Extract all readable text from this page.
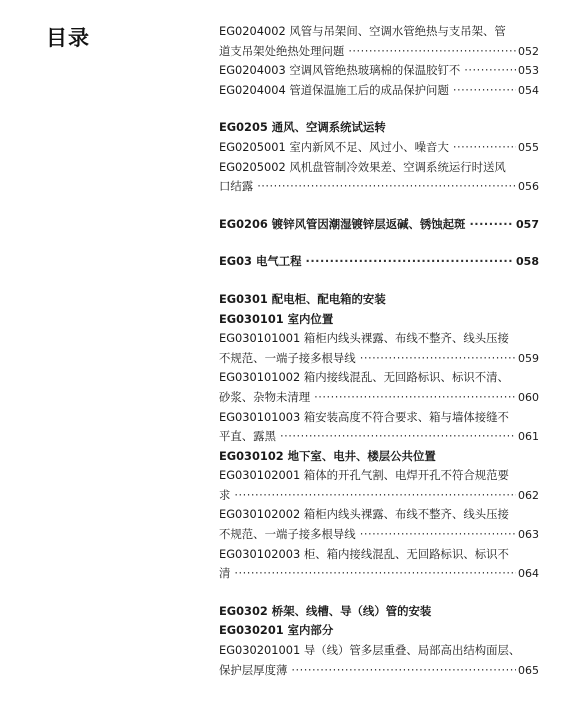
目录	EG0204002 风管与吊架间、空调水管绝热与支吊架、管
道支吊架处绝热处理问题 ·····	052
EG0204003 空调风管绝热玻璃棉的保温胶钉不 ·····	053
EG0204004 管道保温施工后的成品保护问题 ·····	054
EG0205 通风、空调系统试运转
EG0205001 室内新风不足、风过小、噪音大 ·····	055
EG0205002 风机盘管制冷效果差、空调系统运行时送风
口结露 ·····	056
EG0206 镀锌风管因潮湿镀锌层返碱、锈蚀起斑 ·····	057
EG03 电气工程 ·····	058
EG0301 配电柜、配电箱的安装
EG030101 室内位置
EG030101001 箱柜内线头裸露、布线不整齐、线头压接
不规范、一端子接多根导线 ·····	059
EG030101002 箱内接线混乱、无回路标识、标识不清、
砂浆、杂物未清理 ·····	060
EG030101003 箱安装高度不符合要求、箱与墙体接缝不
平直、露黑 ·····	061
EG030102 地下室、电井、楼层公共位置
EG030102001 箱体的开孔气割、电焊开孔不符合规范要
求 ·····	062
EG030102002 箱柜内线头裸露、布线不整齐、线头压接
不规范、一端子接多根导线 ·····	063
EG030102003 柜、箱内接线混乱、无回路标识、标识不
清 ·····	064
EG0302 桥架、线槽、导（线）管的安装
EG030201 室内部分
EG030201001 导（线）管多层重叠、局部高出结构面层、
保护层厚度薄 ·····	065
